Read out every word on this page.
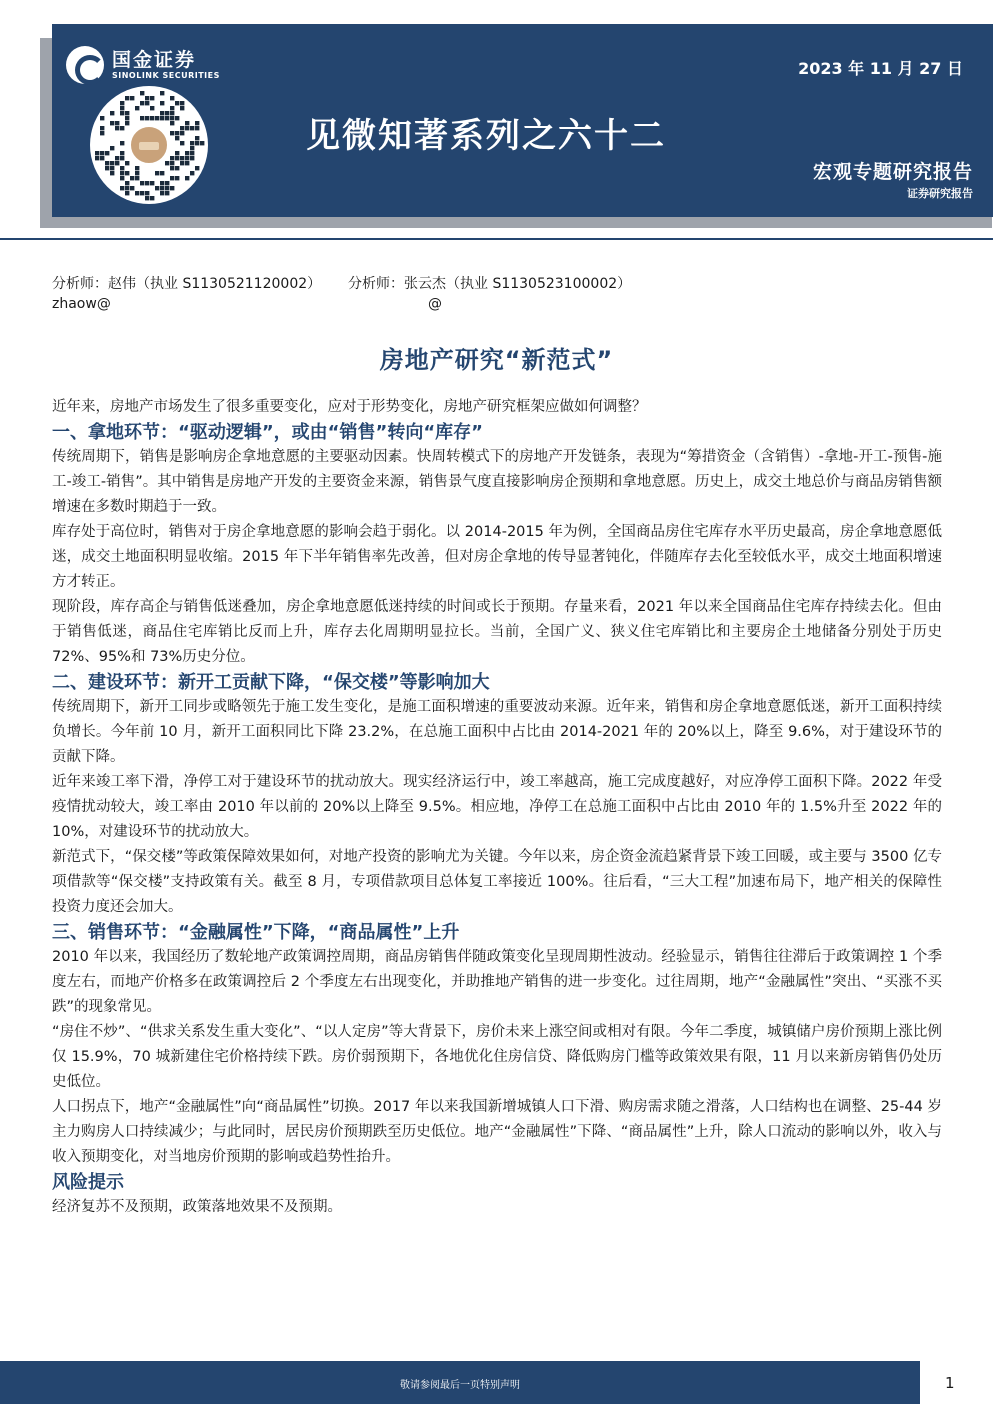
国金证券
SINOLINK SECURITIES	2023 年 11 月 27 日
见微知著系列之六十二
宏观专题研究报告
证券研究报告
分析师：赵伟（执业 S1130521120002）
zhaow@
分析师：张云杰（执业 S1130523100002）
@
房地产研究“新范式”

近年来，房地产市场发生了很多重要变化，应对于形势变化，房地产研究框架应做如何调整？

一、拿地环节：“驱动逻辑”，或由“销售”转向“库存”

传统周期下，销售是影响房企拿地意愿的主要驱动因素。快周转模式下的房地产开发链条，表现为“筹措资金（含销售）-拿地-开工-预售-施工-竣工-销售”。其中销售是房地产开发的主要资金来源，销售景气度直接影响房企预期和拿地意愿。历史上，成交土地总价与商品房销售额增速在多数时期趋于一致。

库存处于高位时，销售对于房企拿地意愿的影响会趋于弱化。以 2014-2015 年为例，全国商品房住宅库存水平历史最高，房企拿地意愿低迷，成交土地面积明显收缩。2015 年下半年销售率先改善，但对房企拿地的传导显著钝化，伴随库存去化至较低水平，成交土地面积增速方才转正。

现阶段，库存高企与销售低迷叠加，房企拿地意愿低迷持续的时间或长于预期。存量来看，2021 年以来全国商品住宅库存持续去化。但由于销售低迷，商品住宅库销比反而上升，库存去化周期明显拉长。当前，全国广义、狭义住宅库销比和主要房企土地储备分别处于历史 72%、95%和 73%历史分位。

二、建设环节：新开工贡献下降，“保交楼”等影响加大

传统周期下，新开工同步或略领先于施工发生变化，是施工面积增速的重要波动来源。近年来，销售和房企拿地意愿低迷，新开工面积持续负增长。今年前 10 月，新开工面积同比下降 23.2%，在总施工面积中占比由 2014-2021 年的 20%以上，降至 9.6%，对于建设环节的贡献下降。

近年来竣工率下滑，净停工对于建设环节的扰动放大。现实经济运行中，竣工率越高，施工完成度越好，对应净停工面积下降。2022 年受疫情扰动较大，竣工率由 2010 年以前的 20%以上降至 9.5%。相应地，净停工在总施工面积中占比由 2010 年的 1.5%升至 2022 年的 10%，对建设环节的扰动放大。

新范式下，“保交楼”等政策保障效果如何，对地产投资的影响尤为关键。今年以来，房企资金流趋紧背景下竣工回暖，或主要与 3500 亿专项借款等“保交楼”支持政策有关。截至 8 月，专项借款项目总体复工率接近 100%。往后看，“三大工程”加速布局下，地产相关的保障性投资力度还会加大。

三、销售环节：“金融属性”下降，“商品属性”上升

2010 年以来，我国经历了数轮地产政策调控周期，商品房销售伴随政策变化呈现周期性波动。经验显示，销售往往滞后于政策调控 1 个季度左右，而地产价格多在政策调控后 2 个季度左右出现变化，并助推地产销售的进一步变化。过往周期，地产“金融属性”突出、“买涨不买跌”的现象常见。

“房住不炒”、“供求关系发生重大变化”、“以人定房”等大背景下，房价未来上涨空间或相对有限。今年二季度，城镇储户房价预期上涨比例仅 15.9%，70 城新建住宅价格持续下跌。房价弱预期下，各地优化住房信贷、降低购房门槛等政策效果有限，11 月以来新房销售仍处历史低位。

人口拐点下，地产“金融属性”向“商品属性”切换。2017 年以来我国新增城镇人口下滑、购房需求随之滑落，人口结构也在调整、25-44 岁主力购房人口持续减少；与此同时，居民房价预期跌至历史低位。地产“金融属性”下降、“商品属性”上升，除人口流动的影响以外，收入与收入预期变化，对当地房价预期的影响或趋势性抬升。

风险提示

经济复苏不及预期，政策落地效果不及预期。

敬请参阅最后一页特别声明	1
